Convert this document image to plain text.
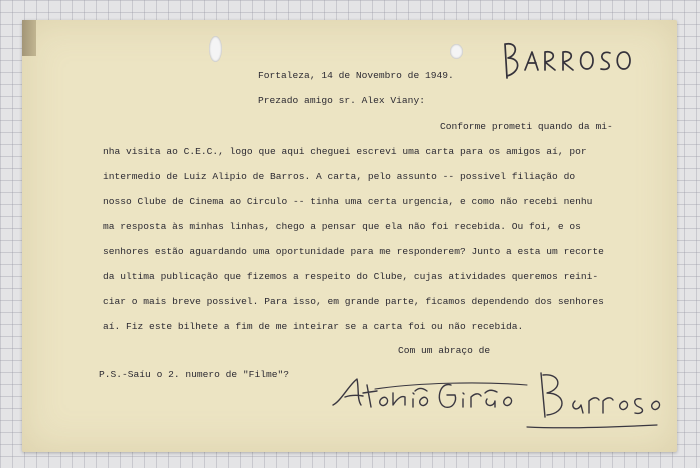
Fortaleza, 14 de Novembro de 1949.

Prezado amigo sr. Alex Viany:

Conforme prometi quando da mi-

nha visita ao C.E.C., logo que aqui cheguei escrevi uma carta para os amigos aí, por

intermedio de Luiz Alipio de Barros. A carta, pelo assunto -- possivel filiação do

nosso Clube de Cinema ao Circulo -- tinha uma certa urgencia, e como não recebi nenhu

ma resposta às minhas linhas, chego a pensar que ela não foi recebida. Ou foi, e os

senhores estão aguardando uma oportunidade para me responderem? Junto a esta um recorte

da ultima publicação que fizemos a respeito do Clube, cujas atividades queremos reini-

ciar o mais breve possivel. Para isso, em grande parte, ficamos dependendo dos senhores

aí. Fiz este bilhete a fim de me inteirar se a carta foi ou não recebida.

Com um abraço de

P.S.-Saíu o 2. numero de "Filme"?
